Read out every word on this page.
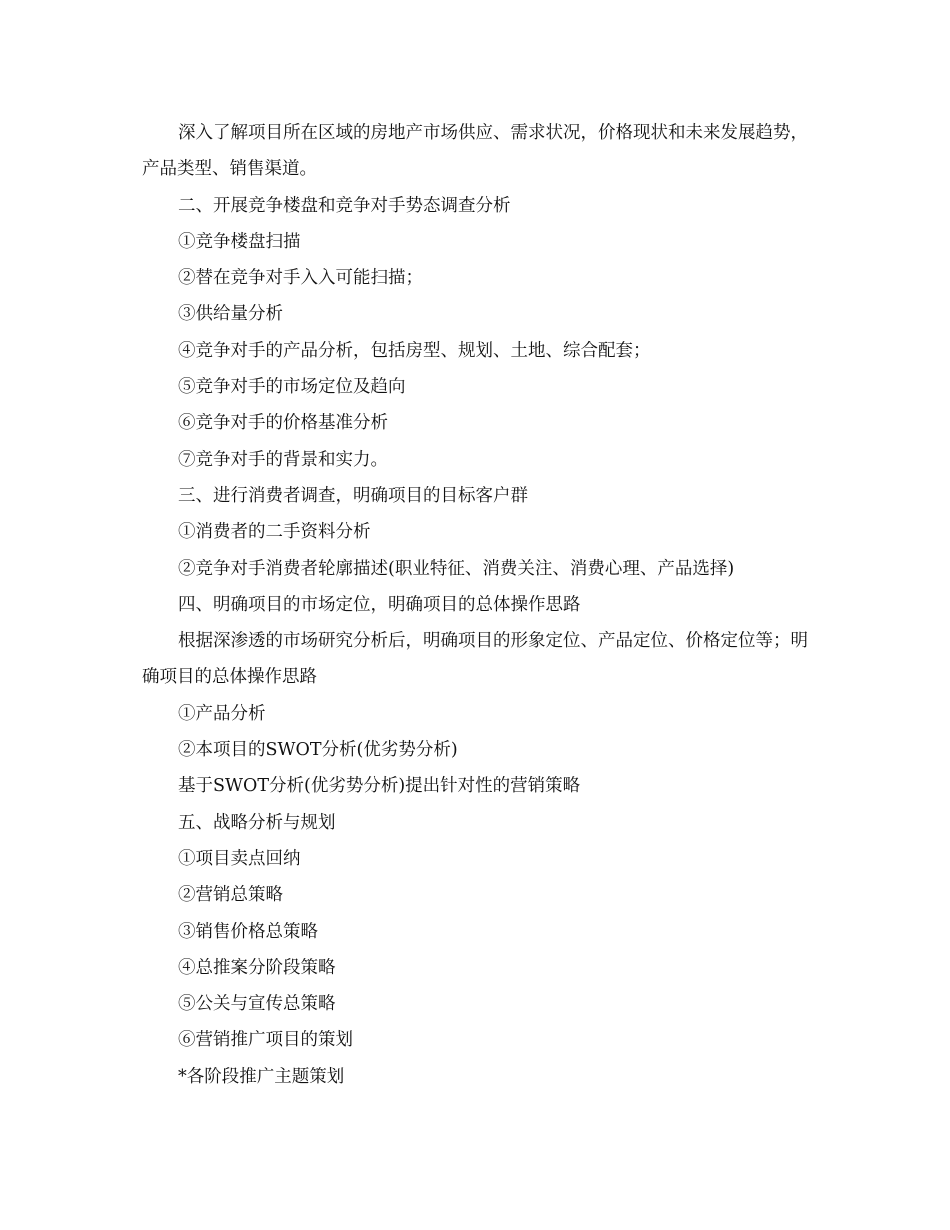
深入了解项目所在区域的房地产市场供应、需求状况，价格现状和未来发展趋势，产品类型、销售渠道。

二、开展竞争楼盘和竞争对手势态调查分析

①竞争楼盘扫描

②替在竞争对手入入可能扫描；

③供给量分析

④竞争对手的产品分析，包括房型、规划、土地、综合配套；

⑤竞争对手的市场定位及趋向

⑥竞争对手的价格基准分析

⑦竞争对手的背景和实力。

三、进行消费者调查，明确项目的目标客户群

①消费者的二手资料分析

②竞争对手消费者轮廓描述(职业特征、消费关注、消费心理、产品选择)

四、明确项目的市场定位，明确项目的总体操作思路

根据深渗透的市场研究分析后，明确项目的形象定位、产品定位、价格定位等；明确项目的总体操作思路

①产品分析

②本项目的SWOT分析(优劣势分析)

基于SWOT分析(优劣势分析)提出针对性的营销策略

五、战略分析与规划

①项目卖点回纳

②营销总策略

③销售价格总策略

④总推案分阶段策略

⑤公关与宣传总策略

⑥营销推广项目的策划

*各阶段推广主题策划
